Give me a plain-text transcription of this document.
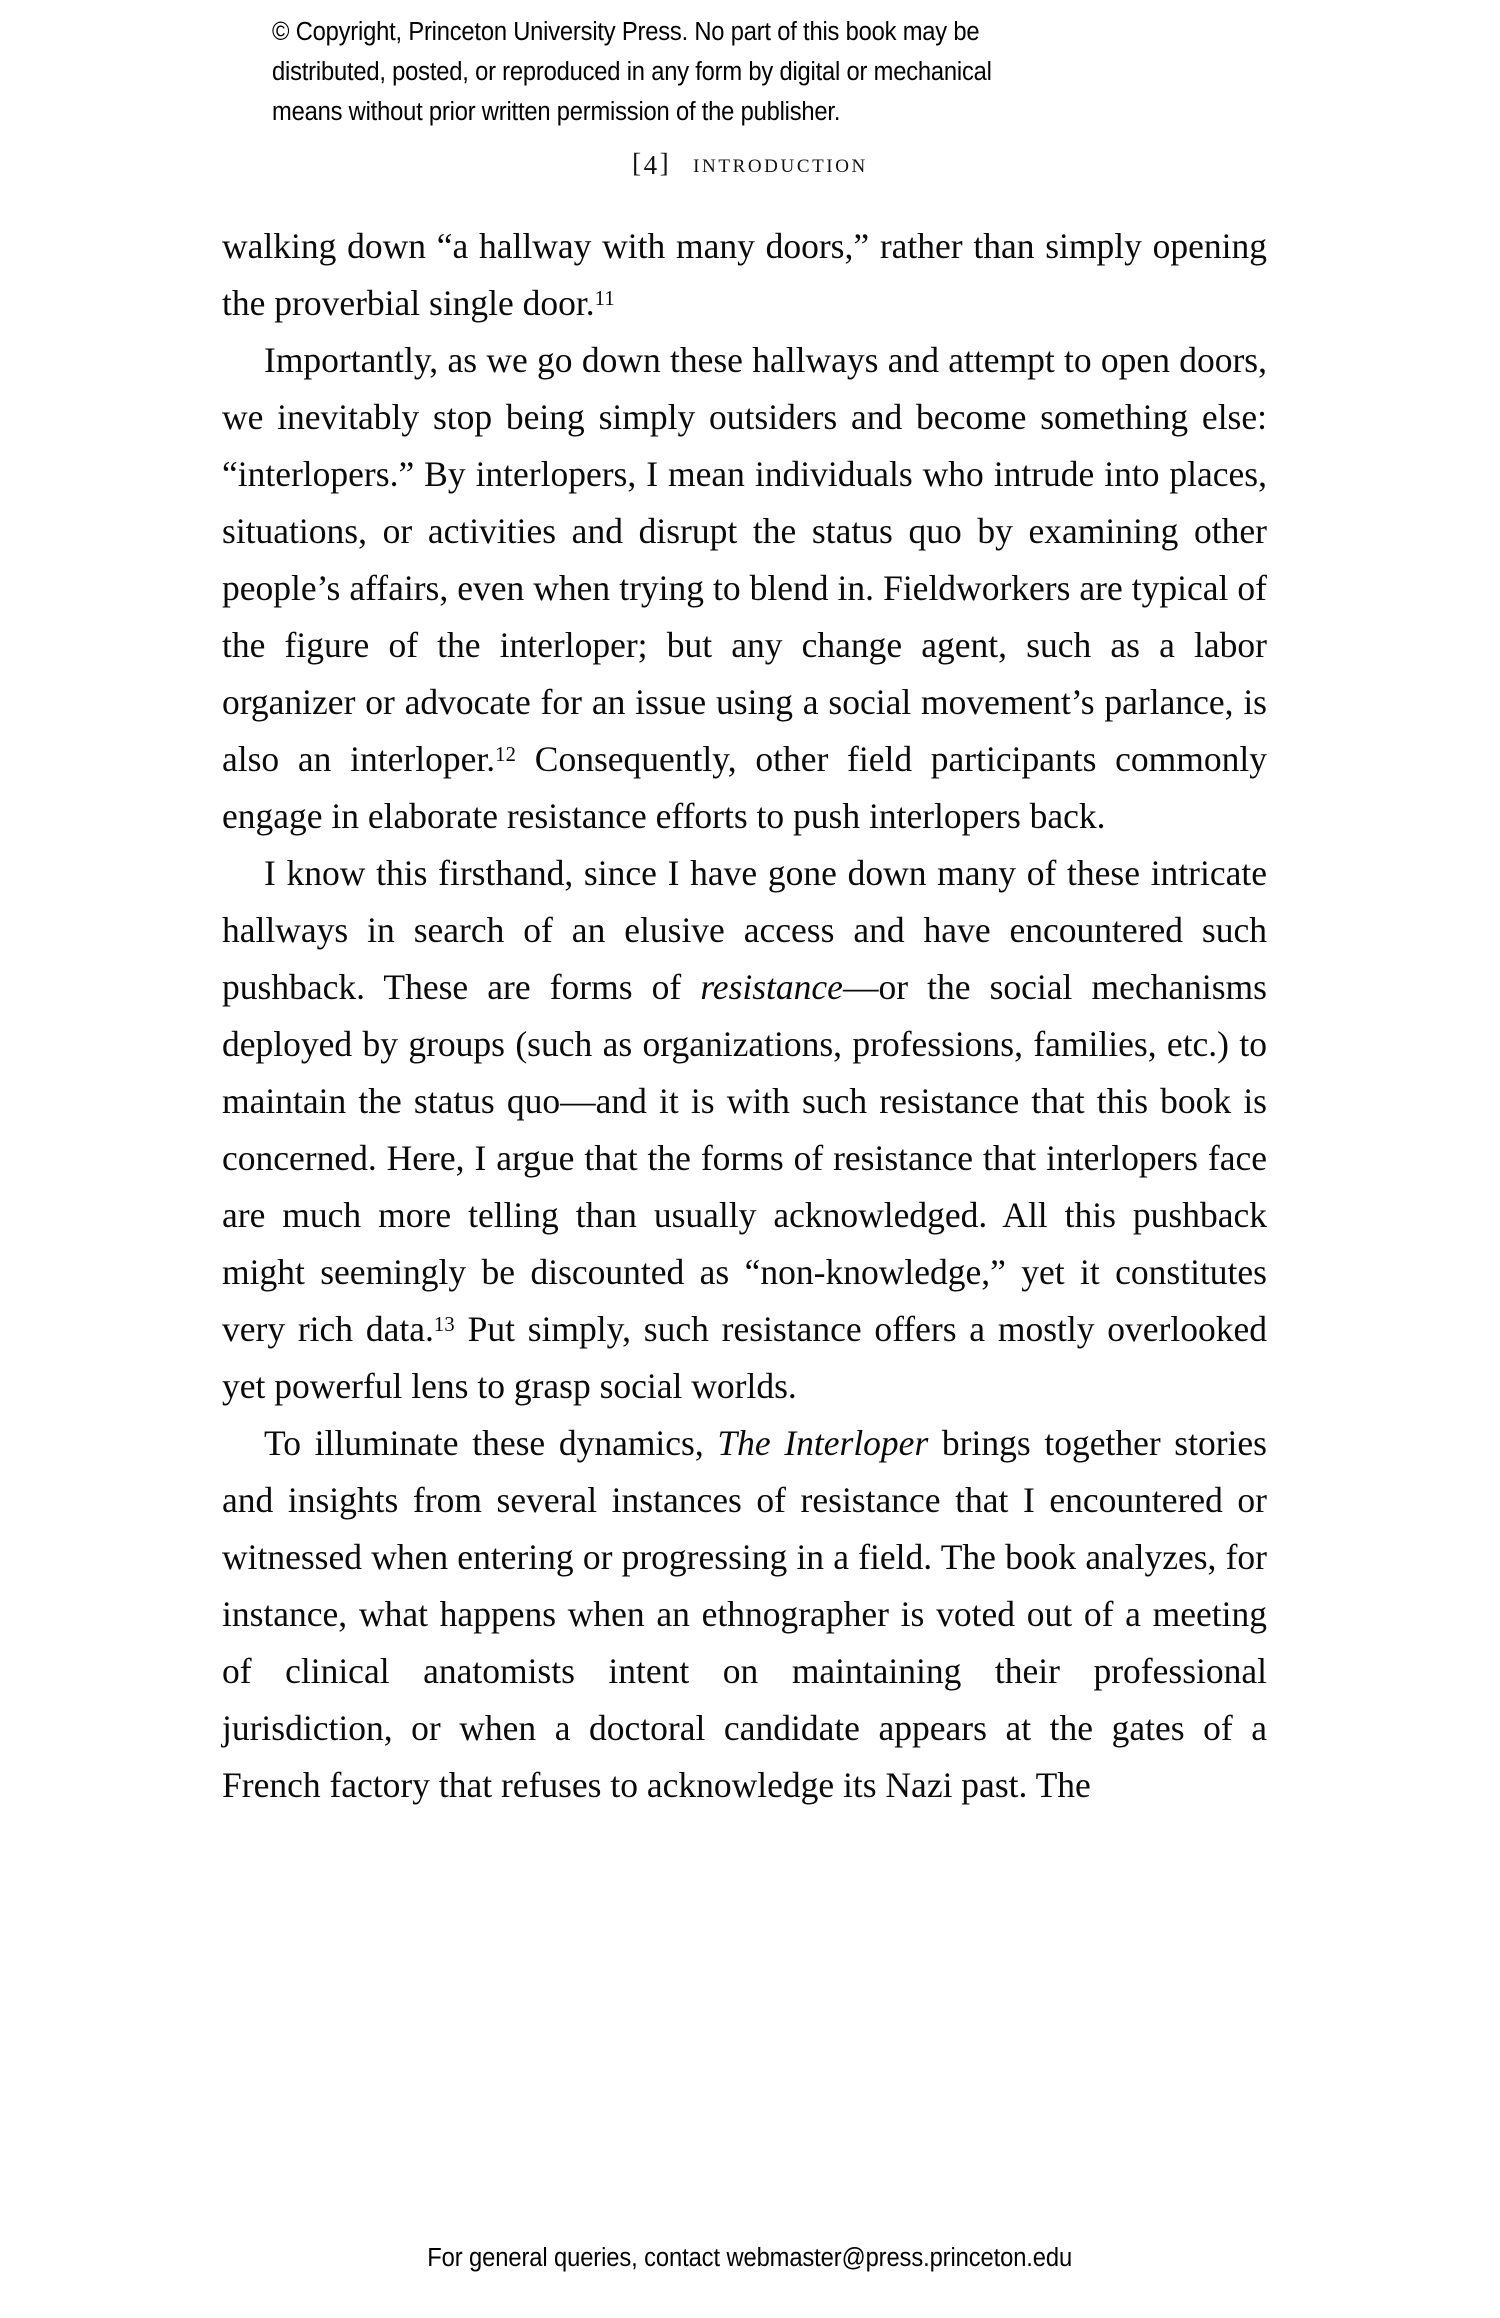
© Copyright, Princeton University Press. No part of this book may be
distributed, posted, or reproduced in any form by digital or mechanical
means without prior written permission of the publisher.
[4] introduction

walking down “a hallway with many doors,” rather than simply opening the proverbial single door.$^{11}$

Importantly, as we go down these hallways and attempt to open doors, we inevitably stop being simply outsiders and become something else: “interlopers.” By interlopers, I mean individuals who intrude into places, situations, or activities and disrupt the status quo by examining other people’s affairs, even when trying to blend in. Fieldworkers are typical of the figure of the interloper; but any change agent, such as a labor organizer or advocate for an issue using a social movement’s parlance, is also an interloper.$^{12}$ Consequently, other field participants commonly engage in elaborate resistance efforts to push interlopers back.

I know this firsthand, since I have gone down many of these intricate hallways in search of an elusive access and have encountered such pushback. These are forms of resistance—or the social mechanisms deployed by groups (such as organizations, professions, families, etc.) to maintain the status quo—and it is with such resistance that this book is concerned. Here, I argue that the forms of resistance that interlopers face are much more telling than usually acknowledged. All this pushback might seemingly be discounted as “non-knowledge,” yet it constitutes very rich data.$^{13}$ Put simply, such resistance offers a mostly overlooked yet powerful lens to grasp social worlds.

To illuminate these dynamics, The Interloper brings together stories and insights from several instances of resistance that I encountered or witnessed when entering or progressing in a field. The book analyzes, for instance, what happens when an ethnographer is voted out of a meeting of clinical anatomists intent on maintaining their professional jurisdiction, or when a doctoral candidate appears at the gates of a French factory that refuses to acknowledge its Nazi past. The

For general queries, contact webmaster@press.princeton.edu
